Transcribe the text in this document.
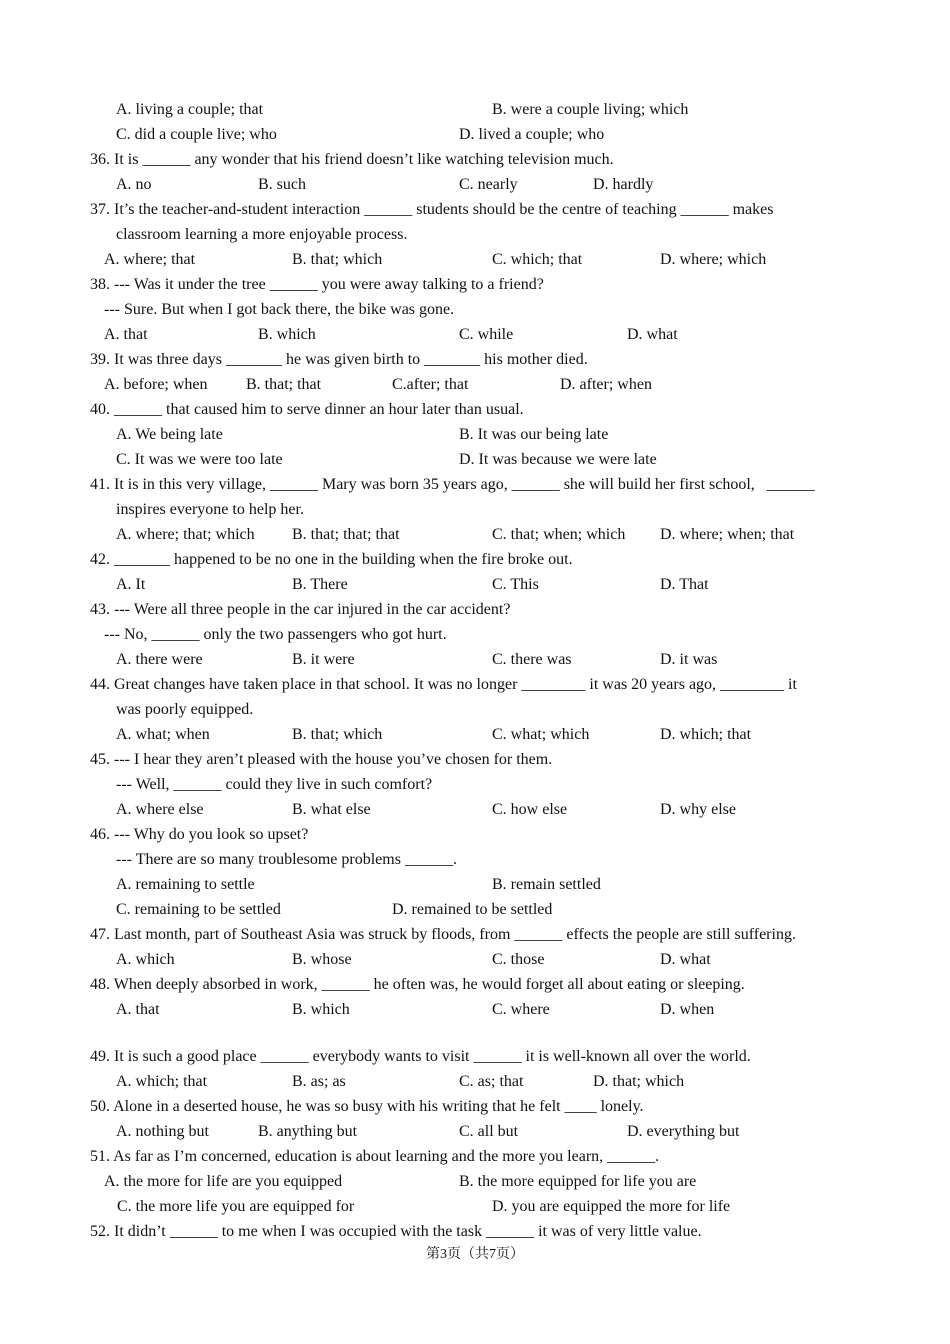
A. living a couple; that	B. were a couple living; which
C. did a couple live; who	D. lived a couple; who
36. It is ______ any wonder that his friend doesn’t like watching television much.
A. no	B. such	C. nearly	D. hardly
37. It’s the teacher-and-student interaction ______ students should be the centre of teaching ______ makes
classroom learning a more enjoyable process.
A. where; that	B. that; which	C. which; that	D. where; which
38. --- Was it under the tree ______ you were away talking to a friend?
--- Sure. But when I got back there, the bike was gone.
A. that	B. which	C. while	D. what
39. It was three days _______ he was given birth to _______ his mother died.
A. before; when B. that; that	C.after; that	D. after; when
40. ______ that caused him to serve dinner an hour later than usual.
A. We being late	B. It was our being late
C. It was we were too late	D. It was because we were late
41. It is in this very village, ______ Mary was born 35 years ago, ______ she will build her first school,   ______
inspires everyone to help her.
A. where; that; which B. that; that; that	C. that; when; which D. where; when; that
42. _______ happened to be no one in the building when the fire broke out.
A. It	B. There	C. This	D. That
43. --- Were all three people in the car injured in the car accident?
--- No, ______ only the two passengers who got hurt.
A. there were	B. it were	C. there was	D. it was
44. Great changes have taken place in that school. It was no longer ________ it was 20 years ago, ________ it
was poorly equipped.
A. what; when	B. that; which	C. what; which	D. which; that
45. --- I hear they aren’t pleased with the house you’ve chosen for them.
--- Well, ______ could they live in such comfort?
A. where else	B. what else	C. how else	D. why else
46. --- Why do you look so upset?
--- There are so many troublesome problems ______.
A. remaining to settle	B. remain settled
C. remaining to be settled	D. remained to be settled
47. Last month, part of Southeast Asia was struck by floods, from ______ effects the people are still suffering.
A. which	B. whose	C. those	D. what
48. When deeply absorbed in work, ______ he often was, he would forget all about eating or sleeping.
A. that	B. which	C. where	D. when
49. It is such a good place ______ everybody wants to visit ______ it is well-known all over the world.
A. which; that	B. as; as	C. as; that	D. that; which
50. Alone in a deserted house, he was so busy with his writing that he felt ____ lonely.
A. nothing but	B. anything but	C. all but	D. everything but
51. As far as I’m concerned, education is about learning and the more you learn, ______.
A. the more for life are you equipped	B. the more equipped for life you are
C. the more life you are equipped for	D. you are equipped the more for life
52. It didn’t ______ to me when I was occupied with the task ______ it was of very little value.
第3页（共7页）
